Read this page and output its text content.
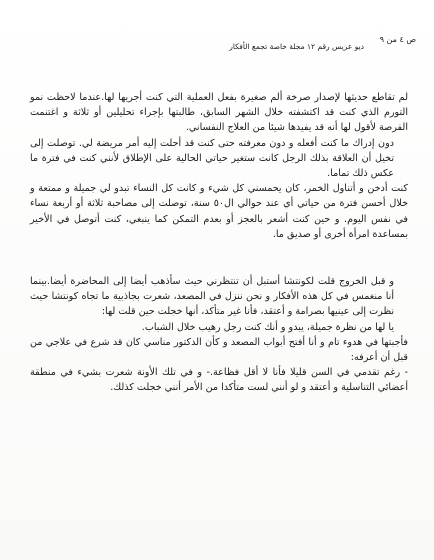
ص ٤ من ٩
ديو عريس رقم ١٢ مجلة خاصة تجمع الأفكار

لم تقاطع حديثها لإصدار صرخة ألم صغيرة بفعل العملية التي كنت أجريها لها.عندما لاحظت نمو التورم الذي كنت قد اكتشفته خلال الشهر السابق، طالبتها بإجراء تحليلين أو ثلاثة و اغتنمت الفرصة لأقول لها أنه قد يفيدها شيئا من العلاج النفساني.

دون إدراك ما كنت أفعله و دون معرفته حتى كنت قد أحلت إليه أمر مريضة لي. توصلت إلى تخيل أن العلاقة بذلك الرجل كانت ستغير حياتي الحالية على الإطلاق لأنني كنت في فترة ما عكس ذلك تماما.

كنت أدخن و أتناول الخمر، كان يحمسني كل شيء و كانت كل النساء تبدو لي جميلة و ممتعة و خلال أحسن فترة من حياتي أي عند حوالي ال٥٠ سنة، توصلت إلى مصاحبة ثلاثة أو أربعة نساء في نفس اليوم. و حين كنت أشعر بالعجز أو بعدم التمكن كما ينبغي، كنت أتوصل في الأخير بمساعدة امرأة أخرى أو صديق ما.

و قبل الخروج قلت لكونتشا أستبل أن تنتظرني حيث سأذهب أيضا إلى المحاضرة أيضا.بينما أنا منغمس في كل هذه الأفكار و نحن ننزل في المصعد، شعرت بجاذبية ما تجاه كونتشا حيث نظرت إلى عينيها بصرامة و أعتقد، فأنا غير متأكد، أنها خجلت حين قلت لها:

يا لها من نظرة جميلة، يبدو و أنك كنت رجل رهيب خلال الشباب.

فأجبتها في هدوء تام و أنا أفتح أبواب المصعد و كأن الدكتور مناسي كان قد شرع في علاجي من قبل أن أعرفه:

- رغم تقدمي في السن قليلا فأنا لا أقل فظاعة.- و في تلك الأونة شعرت بشيء في منطقة أعضائي التناسلية و أعتقد و لو أنني لست متأكدا من الأمر أنني خجلت كذلك.
